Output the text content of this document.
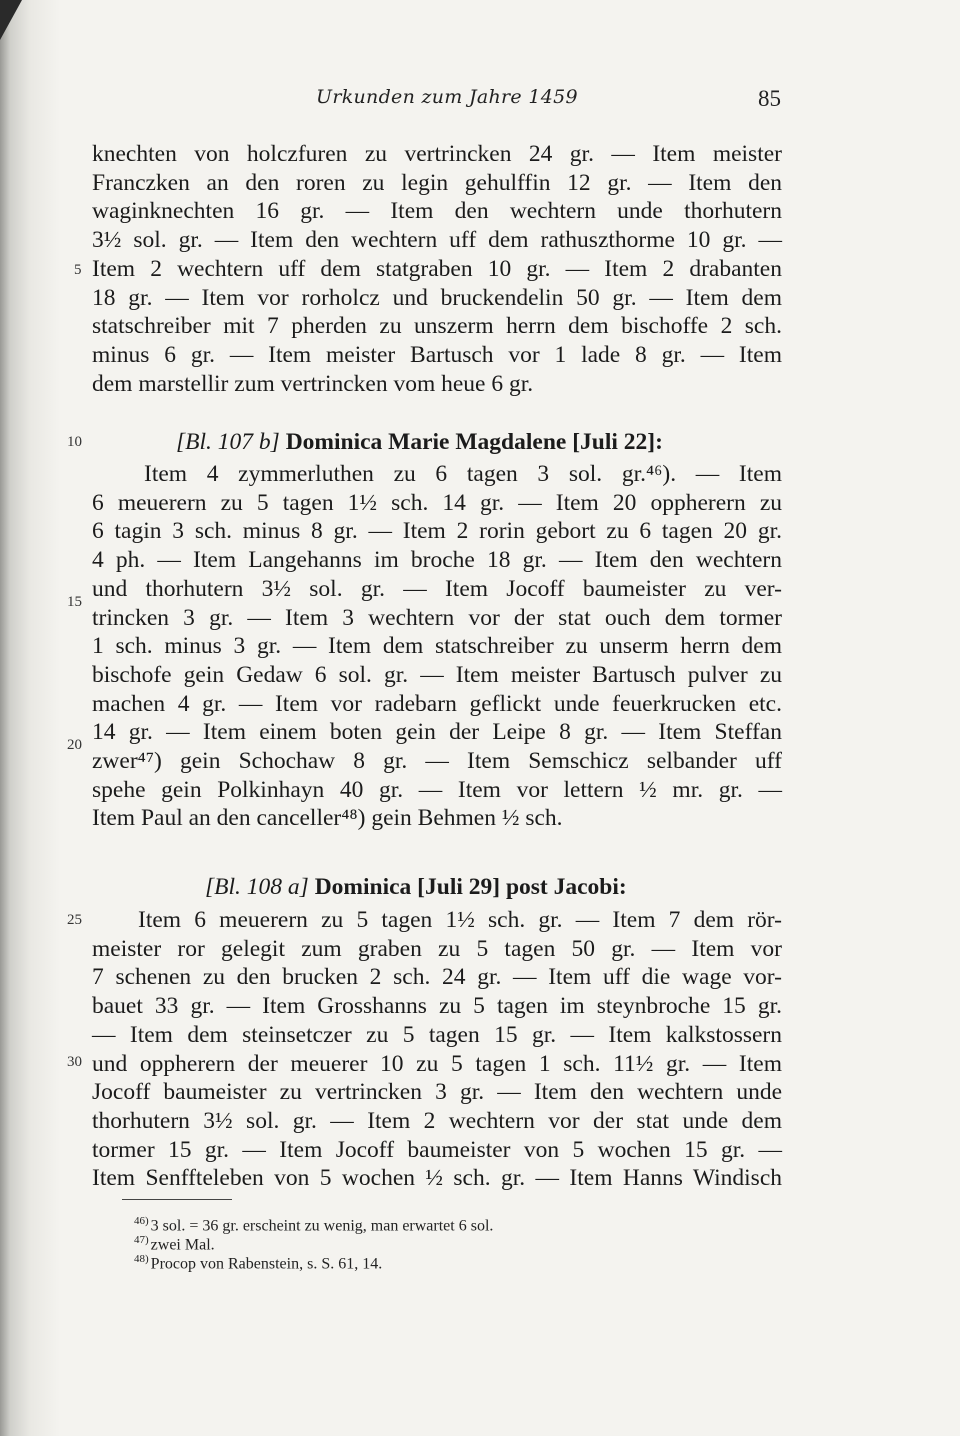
Urkunden zum Jahre 1459	85
knechten von holczfuren zu vertrincken 24 gr. — Item meister
Franczken an den roren zu legin gehulffin 12 gr. — Item den
waginknechten 16 gr. — Item den wechtern unde thorhutern
3½ sol. gr. — Item den wechtern uff dem rathuszthorme 10 gr. —
Item 2 wechtern uff dem statgraben 10 gr. — Item 2 drabanten
18 gr. — Item vor rorholcz und bruckendelin 50 gr. — Item dem
statschreiber mit 7 pherden zu unszerm herrn dem bischoffe 2 sch.
minus 6 gr. — Item meister Bartusch vor 1 lade 8 gr. — Item
dem marstellir zum vertrincken vom heue 6 gr.
5
10
15
20
25
30
[Bl. 107 b] Dominica Marie Magdalene [Juli 22]:
Item 4 zymmerluthen zu 6 tagen 3 sol. gr.⁴⁶). — Item
6 meuerern zu 5 tagen 1½ sch. 14 gr. — Item 20 oppherern zu
6 tagin 3 sch. minus 8 gr. — Item 2 rorin gebort zu 6 tagen 20 gr.
4 ph. — Item Langehanns im broche 18 gr. — Item den wechtern
und thorhutern 3½ sol. gr. — Item Jocoff baumeister zu ver-
trincken 3 gr. — Item 3 wechtern vor der stat ouch dem tormer
1 sch. minus 3 gr. — Item dem statschreiber zu unserm herrn dem
bischofe gein Gedaw 6 sol. gr. — Item meister Bartusch pulver zu
machen 4 gr. — Item vor radebarn geflickt unde feuerkrucken etc.
14 gr. — Item einem boten gein der Leipe 8 gr. — Item Steffan
zwer⁴⁷) gein Schochaw 8 gr. — Item Semschicz selbander uff
spehe gein Polkinhayn 40 gr. — Item vor lettern ½ mr. gr. —
Item Paul an den canceller⁴⁸) gein Behmen ½ sch.
[Bl. 108 a] Dominica [Juli 29] post Jacobi:
Item 6 meuerern zu 5 tagen 1½ sch. gr. — Item 7 dem rör-
meister ror gelegit zum graben zu 5 tagen 50 gr. — Item vor
7 schenen zu den brucken 2 sch. 24 gr. — Item uff die wage vor-
bauet 33 gr. — Item Grosshanns zu 5 tagen im steynbroche 15 gr.
— Item dem steinsetczer zu 5 tagen 15 gr. — Item kalkstossern
und oppherern der meuerer 10 zu 5 tagen 1 sch. 11½ gr. — Item
Jocoff baumeister zu vertrincken 3 gr. — Item den wechtern unde
thorhutern 3½ sol. gr. — Item 2 wechtern vor der stat unde dem
tormer 15 gr. — Item Jocoff baumeister von 5 wochen 15 gr. —
Item Senffteleben von 5 wochen ½ sch. gr. — Item Hanns Windisch
$^{46)}$ 3 sol. = 36 gr. erscheint zu wenig, man erwartet 6 sol.
$^{47)}$ zwei Mal.
$^{48)}$ Procop von Rabenstein, s. S. 61, 14.
